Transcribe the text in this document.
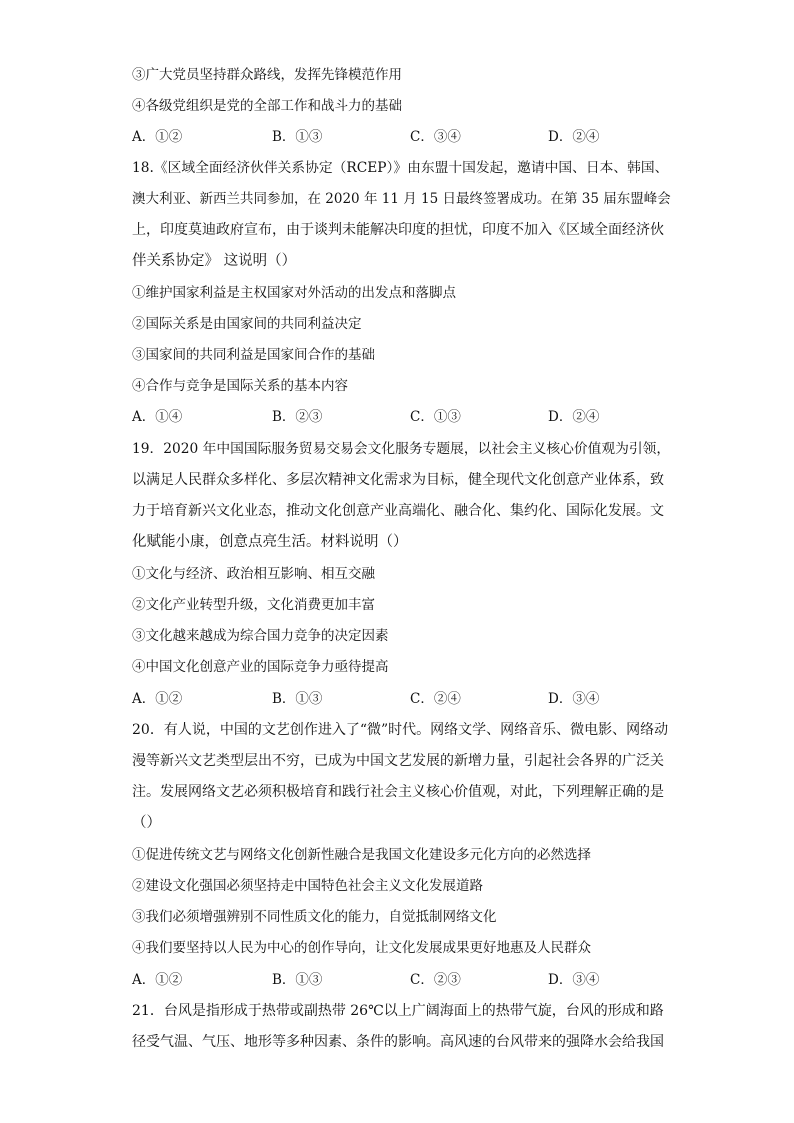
③广大党员坚持群众路线，发挥先锋模范作用
④各级党组织是党的全部工作和战斗力的基础
A．①②	B．①③	C．③④	D．②④
18.《区域全面经济伙伴关系协定（RCEP）》由东盟十国发起，邀请中国、日本、韩国、
澳大利亚、新西兰共同参加，在 2020 年 11 月 15 日最终签署成功。在第 35 届东盟峰会
上，印度莫迪政府宣布，由于谈判未能解决印度的担忧，印度不加入《区域全面经济伙
伴关系协定》 这说明（）
①维护国家利益是主权国家对外活动的出发点和落脚点
②国际关系是由国家间的共同利益决定
③国家间的共同利益是国家间合作的基础
④合作与竞争是国际关系的基本内容
A．①④	B．②③	C．①③	D．②④
19．2020 年中国国际服务贸易交易会文化服务专题展，以社会主义核心价值观为引领，
以满足人民群众多样化、多层次精神文化需求为目标，健全现代文化创意产业体系，致
力于培育新兴文化业态，推动文化创意产业高端化、融合化、集约化、国际化发展。文
化赋能小康，创意点亮生活。材料说明（）
①文化与经济、政治相互影响、相互交融
②文化产业转型升级，文化消费更加丰富
③文化越来越成为综合国力竞争的决定因素
④中国文化创意产业的国际竞争力亟待提高
A．①②	B．①③	C．②④	D．③④
20．有人说，中国的文艺创作进入了“微”时代。网络文学、网络音乐、微电影、网络动
漫等新兴文艺类型层出不穷，已成为中国文艺发展的新增力量，引起社会各界的广泛关
注。发展网络文艺必须积极培育和践行社会主义核心价值观，对此，下列理解正确的是
（）
①促进传统文艺与网络文化创新性融合是我国文化建设多元化方向的必然选择
②建设文化强国必须坚持走中国特色社会主义文化发展道路
③我们必须增强辨别不同性质文化的能力，自觉抵制网络文化
④我们要坚持以人民为中心的创作导向，让文化发展成果更好地惠及人民群众
A．①②	B．①③	C．②③	D．③④
21．台风是指形成于热带或副热带 26℃以上广阔海面上的热带气旋，台风的形成和路
径受气温、气压、地形等多种因素、条件的影响。高风速的台风带来的强降水会给我国
